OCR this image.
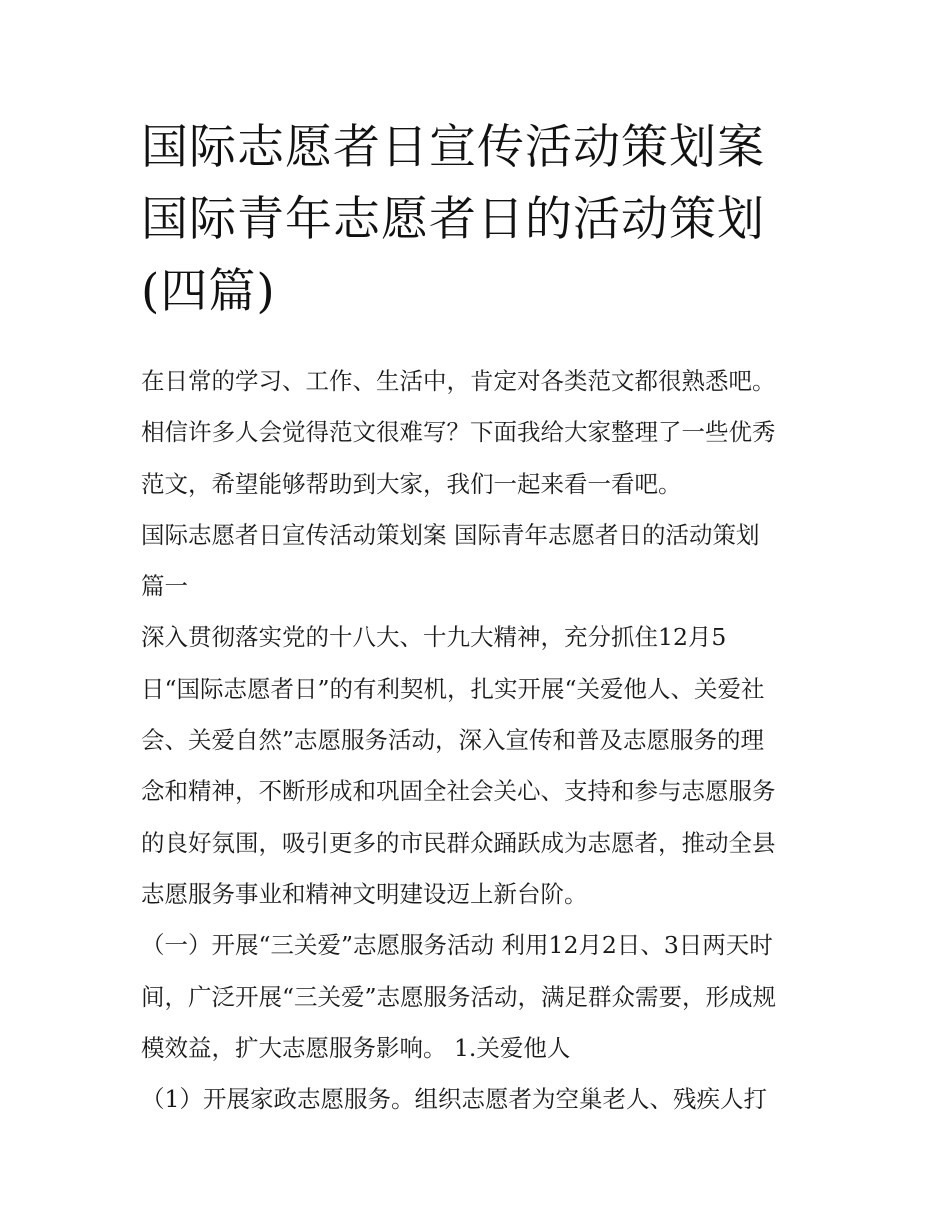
国际志愿者日宣传活动策划案
国际青年志愿者日的活动策划
(四篇)
在日常的学习、工作、生活中，肯定对各类范文都很熟悉吧。
相信许多人会觉得范文很难写？下面我给大家整理了一些优秀
范文，希望能够帮助到大家，我们一起来看一看吧。
国际志愿者日宣传活动策划案 国际青年志愿者日的活动策划
篇一
深入贯彻落实党的十八大、十九大精神，充分抓住12月5
日“国际志愿者日”的有利契机，扎实开展“关爱他人、关爱社
会、关爱自然”志愿服务活动，深入宣传和普及志愿服务的理
念和精神，不断形成和巩固全社会关心、支持和参与志愿服务
的良好氛围，吸引更多的市民群众踊跃成为志愿者，推动全县
志愿服务事业和精神文明建设迈上新台阶。
（一）开展“三关爱”志愿服务活动 利用12月2日、3日两天时
间，广泛开展“三关爱”志愿服务活动，满足群众需要，形成规
模效益，扩大志愿服务影响。 1.关爱他人
（1）开展家政志愿服务。组织志愿者为空巢老人、残疾人打
